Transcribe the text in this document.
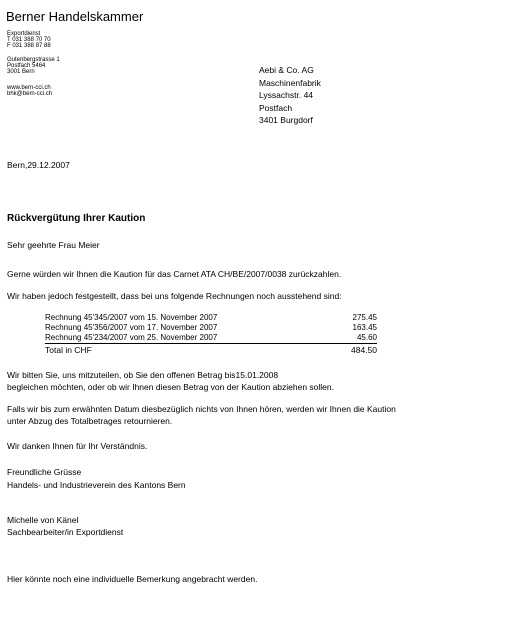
Berner Handelskammer
Exportdienst
T 031 388 70 70
F 031 388 87 88
Gutenbergstrasse 1
Postfach 5464
3001 Bern
www.bern-cci.ch
bhk@bern-cci.ch
Aebi & Co. AG
Maschinenfabrik
Lyssachstr. 44
Postfach
3401 Burgdorf
Bern,29.12.2007
Rückvergütung Ihrer Kaution
Sehr geehrte Frau Meier
Gerne würden wir Ihnen die Kaution für das Carnet ATA CH/BE/2007/0038 zurückzahlen.
Wir haben jedoch festgestellt, dass bei uns folgende Rechnungen noch ausstehend sind:
Rechnung 45'345/2007 vom 15. November 2007	275.45
Rechnung 45'356/2007 vom 17. November 2007	163.45
Rechnung 45'234/2007 vom 25. November 2007	45.60
Total in CHF	484.50
Wir bitten Sie, uns mitzuteilen, ob Sie den offenen Betrag bis15.01.2008
begleichen möchten, oder ob wir Ihnen diesen Betrag von der Kaution abziehen sollen.
Falls wir bis zum erwähnten Datum diesbezüglich nichts von Ihnen hören, werden wir Ihnen die Kaution
unter Abzug des Totalbetrages retournieren.
Wir danken Ihnen für Ihr Verständnis.
Freundliche Grüsse
Handels- und Industrieverein des Kantons Bern
Michelle von Känel
Sachbearbeiter/in Exportdienst
Hier könnte noch eine individuelle Bemerkung angebracht werden.
